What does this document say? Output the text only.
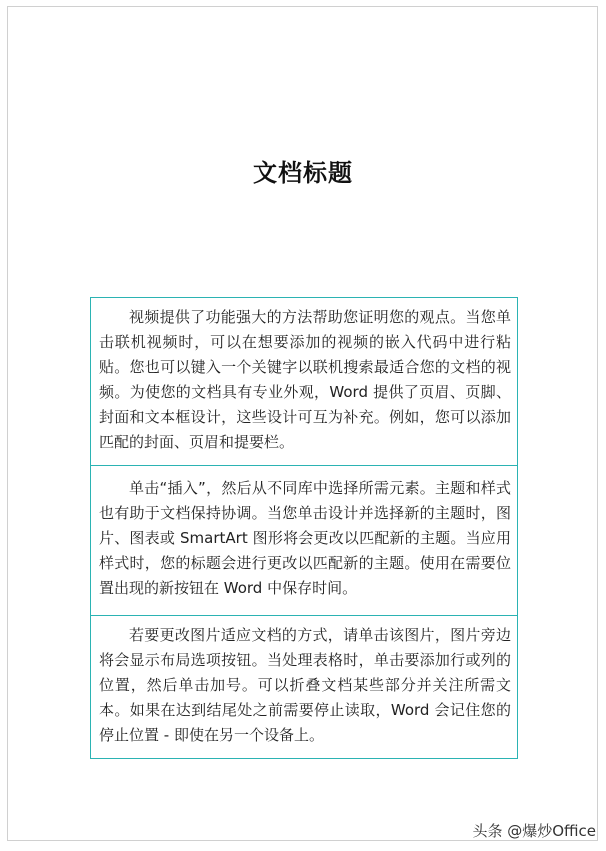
文档标题
视频提供了功能强大的方法帮助您证明您的观点。当您单击联机视频时，可以在想要添加的视频的嵌入代码中进行粘贴。您也可以键入一个关键字以联机搜索最适合您的文档的视频。为使您的文档具有专业外观，Word 提供了页眉、页脚、封面和文本框设计，这些设计可互为补充。例如，您可以添加匹配的封面、页眉和提要栏。
单击“插入”，然后从不同库中选择所需元素。主题和样式也有助于文档保持协调。当您单击设计并选择新的主题时，图片、图表或 SmartArt 图形将会更改以匹配新的主题。当应用样式时，您的标题会进行更改以匹配新的主题。使用在需要位置出现的新按钮在 Word 中保存时间。
若要更改图片适应文档的方式，请单击该图片，图片旁边将会显示布局选项按钮。当处理表格时，单击要添加行或列的位置，然后单击加号。可以折叠文档某些部分并关注所需文本。如果在达到结尾处之前需要停止读取，Word 会记住您的停止位置 - 即使在另一个设备上。
头条 @爆炒Office
